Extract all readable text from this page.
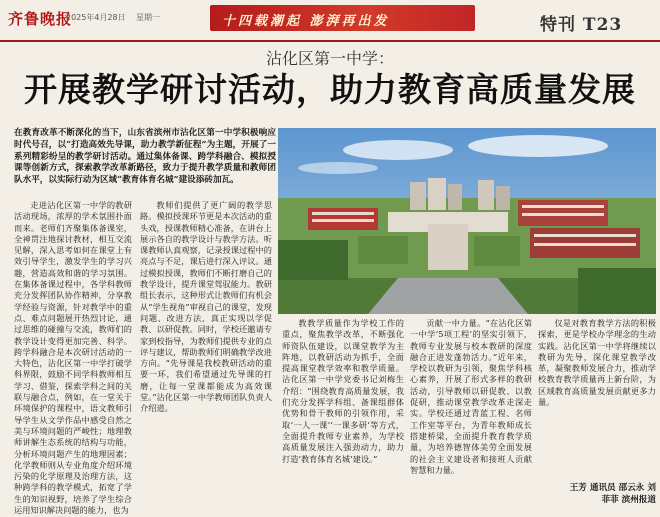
齐鲁晚报
2025年4月28日 星期一	十四载潮起 澎湃再出发	特刊 T23
沾化区第一中学：
开展教学研讨活动，助力教育高质量发展
在教育改革不断深化的当下，山东省滨州市沾化区第一中学积极响应时代号召，以“打造高效先导课，助力教学新征程”为主题，开展了一系列精彩纷呈的教学研讨活动。通过集体备课、跨学科融合、模拟授课等创新方式，探索教学改革新路径，致力于提升教学质量和教师团队水平，以实际行动为区域“教育体育名城”建设添砖加瓦。

走进沾化区第一中学的教研活动现场，浓厚的学术氛围扑面而来。老师们齐聚集体备课室，全神贯注地探讨教材，相互交流见解，深入思考如何在课堂上有效引导学生，激发学生的学习兴趣，营造高效和谐的学习氛围。在集体备课过程中，各学科教师充分发挥团队协作精神，分享教学经验与资源，针对教学中的重点、难点问题展开热烈讨论，通过思维的碰撞与交流，教师们的教学设计变得更加完善、科学。跨学科融合是本次研讨活动的一大特色，沾化区第一中学打破学科界限，鼓励不同学科教师相互学习、借鉴，探索学科之间的关联与融合点，例如，在一堂关于环境保护的课程中，语文教师引导学生从文学作品中感受自然之美与环境问题的严峻性；地理教师讲解生态系统的结构与功能，分析环境问题产生的地理因素；化学教师则从专业角度介绍环境污染的化学原理及治理方法，这种跨学科的教学模式，拓宽了学生的知识视野，培养了学生综合运用知识解决问题的能力，也为

教师们提供了更广阔的教学思路。模拟授课环节更是本次活动的重头戏，授课教师精心准备，在讲台上展示各自的教学设计与教学方法。听课教师认真观察，记录授课过程中的亮点与不足，课后进行深入评议。通过模拟授课，教师们不断打磨自己的教学设计，提升课堂驾驭能力。教研组长表示，这种形式让教师们有机会从“学生视角”审视自己的课堂，发现问题、改进方法，真正实现以学促教、以研促教。同时，学校还邀请专家到校指导，为教师们提供专业的点评与建议，帮助教师们明确教学改进方向。“先导课是我校教研活动的重要一环，我们希望通过先导课的打磨，让每一堂课都能成为高效课堂。”沾化区第一中学教师团队负责人介绍道。

教教学质量作为学校工作的重点，聚焦教学改革，不断强化师资队伍建设，以课堂教学为主阵地，以教研活动为抓手，全面提高课堂教学效率和教学质量。沾化区第一中学党委书记刘梅生介绍：“围绕教育高质量发展，我们充分发挥学科组、备课组群体优势和骨干教师的引领作用，采取‘一人一课’‘一课多研’等方式，全面提升教师专业素养，为学校高质量发展注入强劲动力，助力打造‘教育体育名城’建设。”

贡献一中力量。“在沾化区第一中学‘5项工程’的坚实引领下，教师专业发展与校本教研的深度融合正进发蓬勃活力。”近年来，学校以教研为引领，聚焦学科核心素养，开展了形式多样的教研活动，引导教师以研促教、以教促研，推动课堂教学改革走深走实。学校还通过青蓝工程、名师工作室等平台，为青年教师成长搭建桥梁，全面提升教育教学质量，为培养德智体美劳全面发展的社会主义建设者和接班人贡献智慧和力量。

仅是对教育教学方法的积极探索，更是学校办学理念的生动实践。沾化区第一中学将继续以教研为先导，深化课堂教学改革，凝聚教师发展合力，推动学校教育教学质量再上新台阶，为区域教育高质量发展贡献更多力量。

王芳 通讯员 邵云永 刘
菲菲 滨州报道
